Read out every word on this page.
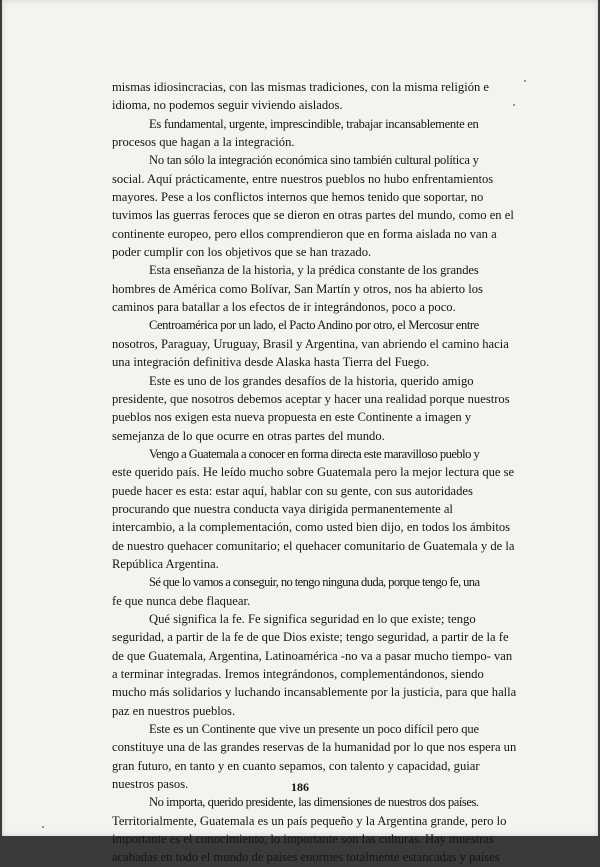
mismas idiosincracias, con las mismas tradiciones, con la misma religión e
idioma, no podemos seguir viviendo aislados.

Es fundamental, urgente, imprescindible, trabajar incansablemente en
procesos que hagan a la integración.

No tan sólo la integración económica sino también cultural política y
social. Aquí prácticamente, entre nuestros pueblos no hubo enfrentamientos
mayores. Pese a los conflictos internos que hemos tenido que soportar, no
tuvimos las guerras feroces que se dieron en otras partes del mundo, como en el
continente europeo, pero ellos comprendieron que en forma aislada no van a
poder cumplir con los objetivos que se han trazado.

Esta enseñanza de la historia, y la prédica constante de los grandes
hombres de América como Bolívar, San Martín y otros, nos ha abierto los
caminos para batallar a los efectos de ir integrándonos, poco a poco.

Centroamérica por un lado, el Pacto Andino por otro, el Mercosur entre
nosotros, Paraguay, Uruguay, Brasil y Argentina, van abriendo el camino hacia
una integración definitiva desde Alaska hasta Tierra del Fuego.

Este es uno de los grandes desafíos de la historia, querido amigo
presidente, que nosotros debemos aceptar y hacer una realidad porque nuestros
pueblos nos exigen esta nueva propuesta en este Continente a imagen y
semejanza de lo que ocurre en otras partes del mundo.

Vengo a Guatemala a conocer en forma directa este maravilloso pueblo y
este querido país. He leído mucho sobre Guatemala pero la mejor lectura que se
puede hacer es esta: estar aquí, hablar con su gente, con sus autoridades
procurando que nuestra conducta vaya dirigida permanentemente al
intercambio, a la complementación, como usted bien dijo, en todos los ámbitos
de nuestro quehacer comunitario; el quehacer comunitario de Guatemala y de la
República Argentina.

Sé que lo vamos a conseguir, no tengo ninguna duda, porque tengo fe, una
fe que nunca debe flaquear.

Qué significa la fe. Fe significa seguridad en lo que existe; tengo
seguridad, a partir de la fe de que Dios existe; tengo seguridad, a partir de la fe
de que Guatemala, Argentina, Latinoamérica -no va a pasar mucho tiempo- van
a terminar integradas. Iremos integrándonos, complementándonos, siendo
mucho más solidarios y luchando incansablemente por la justicia, para que halla
paz en nuestros pueblos.

Este es un Continente que vive un presente un poco difícil pero que
constituye una de las grandes reservas de la humanidad por lo que nos espera un
gran futuro, en tanto y en cuanto sepamos, con talento y capacidad, guiar
nuestros pasos.

No importa, querido presidente, las dimensiones de nuestros dos países.
Territorialmente, Guatemala es un país pequeño y la Argentina grande, pero lo
importante es el conocimiento, lo importante son las culturas. Hay muestras
acabadas en todo el mundo de países enormes totalmente estancadas y países

186
